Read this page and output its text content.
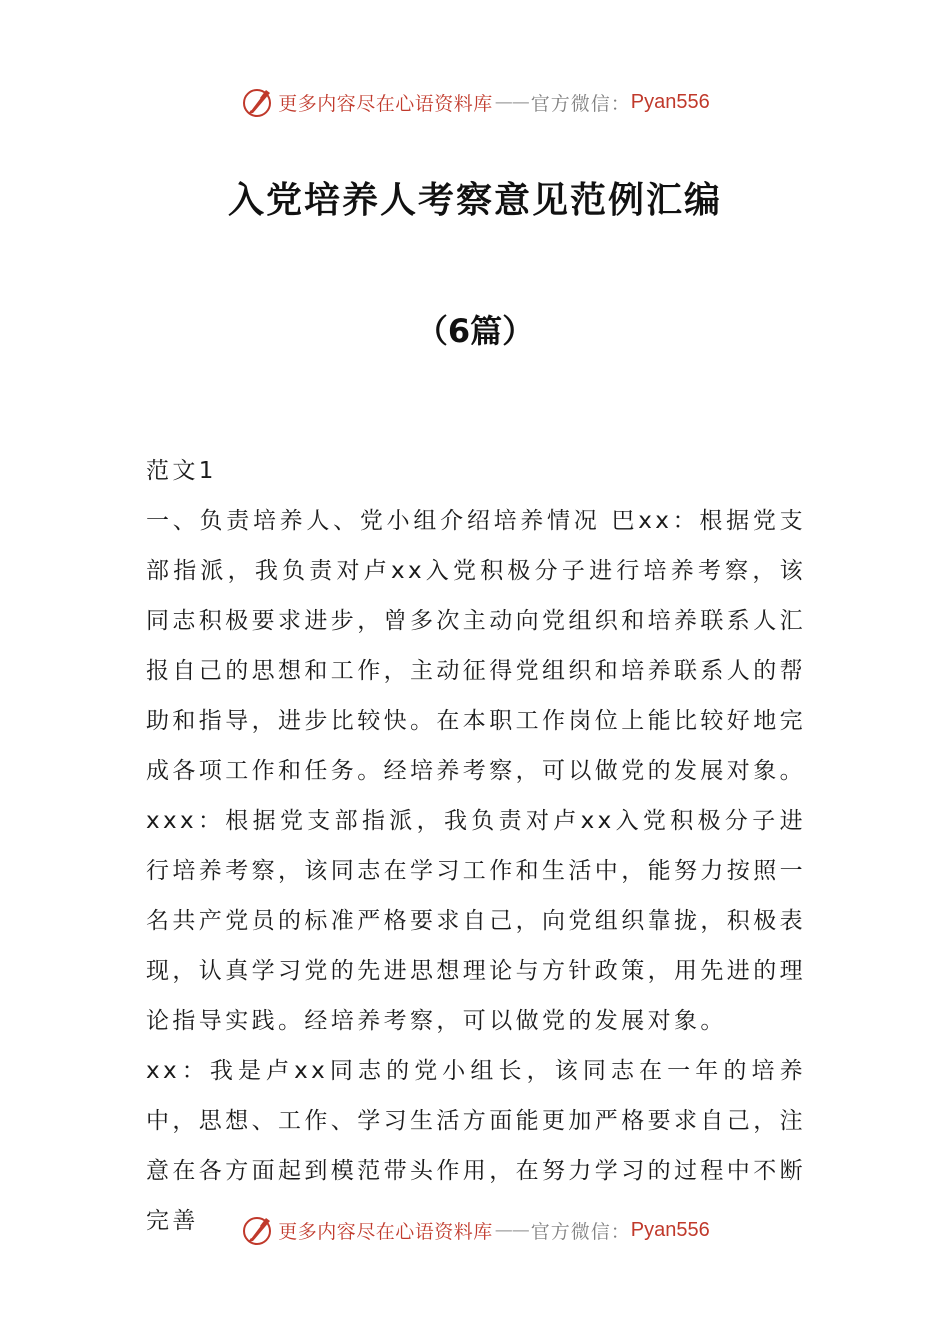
更多内容尽在心语资料库 —— 官方微信： Pyan556
入党培养人考察意见范例汇编
（6篇）

范文1

一、负责培养人、党小组介绍培养情况 巴xx：根据党支部指派，我负责对卢xx入党积极分子进行培养考察，该同志积极要求进步，曾多次主动向党组织和培养联系人汇报自己的思想和工作，主动征得党组织和培养联系人的帮助和指导，进步比较快。在本职工作岗位上能比较好地完成各项工作和任务。经培养考察，可以做党的发展对象。

xxx：根据党支部指派，我负责对卢xx入党积极分子进行培养考察，该同志在学习工作和生活中，能努力按照一名共产党员的标准严格要求自己，向党组织靠拢，积极表现，认真学习党的先进思想理论与方针政策，用先进的理论指导实践。经培养考察，可以做党的发展对象。

xx：我是卢xx同志的党小组长，该同志在一年的培养中，思想、工作、学习生活方面能更加严格要求自己，注意在各方面起到模范带头作用，在努力学习的过程中不断完善	更多内容尽在心语资料库 —— 官方微信： Pyan556
